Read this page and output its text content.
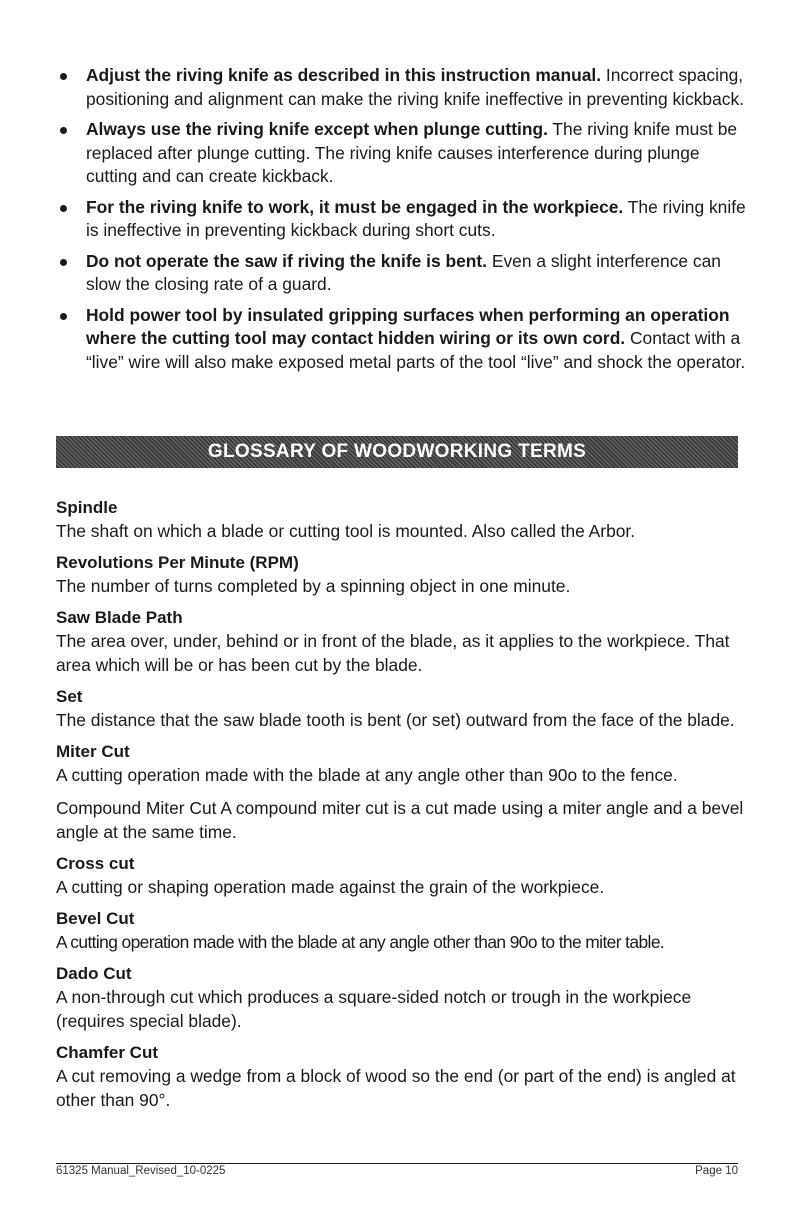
Adjust the riving knife as described in this instruction manual. Incorrect spacing, positioning and alignment can make the riving knife ineffective in preventing kickback.
Always use the riving knife except when plunge cutting. The riving knife must be replaced after plunge cutting. The riving knife causes interference during plunge cutting and can create kickback.
For the riving knife to work, it must be engaged in the workpiece. The riving knife is ineffective in preventing kickback during short cuts.
Do not operate the saw if riving the knife is bent. Even a slight interference can slow the closing rate of a guard.
Hold power tool by insulated gripping surfaces when performing an operation where the cutting tool may contact hidden wiring or its own cord. Contact with a “live” wire will also make exposed metal parts of the tool “live” and shock the operator.
GLOSSARY OF WOODWORKING TERMS
Spindle

The shaft on which a blade or cutting tool is mounted. Also called the Arbor.

Revolutions Per Minute (RPM)

The number of turns completed by a spinning object in one minute.

Saw Blade Path

The area over, under, behind or in front of the blade, as it applies to the workpiece. That area which will be or has been cut by the blade.

Set

The distance that the saw blade tooth is bent (or set) outward from the face of the blade.

Miter Cut

A cutting operation made with the blade at any angle other than 90o to the fence.

Compound Miter Cut A compound miter cut is a cut made using a miter angle and a bevel angle at the same time.

Cross cut

A cutting or shaping operation made against the grain of the workpiece.

Bevel Cut

A cutting operation made with the blade at any angle other than 90o to the miter table.

Dado Cut

A non-through cut which produces a square-sided notch or trough in the workpiece (requires special blade).

Chamfer Cut

A cut removing a wedge from a block of wood so the end (or part of the end) is angled at other than 90°.

61325 Manual_Revised_10-0225	Page 10
